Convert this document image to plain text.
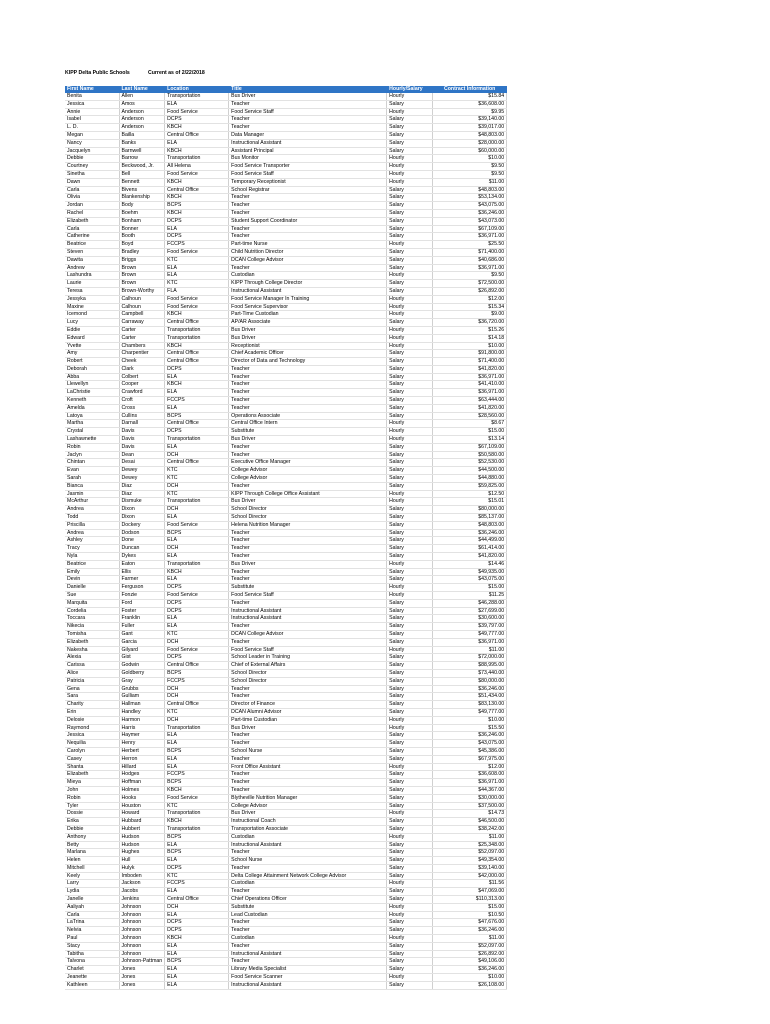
KIPP Delta Public Schools	Current as of 2/22/2018
First Name	Last Name	Location	Title	Hourly/Salary	Contract Information
Benita	Allen	Transportation	Bus Driver	Hourly	$15.84
Jessica	Amos	ELA	Teacher	Salary	$36,608.00
Annie	Anderson	Food Service	Food Service Staff	Hourly	$9.95
Isabel	Anderson	DCPS	Teacher	Salary	$39,140.00
L. D.	Anderson	KBCH	Teacher	Salary	$39,017.00
Megan	Bailla	Central Office	Data Manager	Salary	$48,803.00
Nancy	Banks	ELA	Instructional Assistant	Salary	$28,000.00
Jacquelyn	Barnwell	KBCH	Assistant Principal	Salary	$60,000.00
Debbie	Barrow	Transportation	Bus Monitor	Hourly	$10.00
Courtney	Beckwood, Jr.	All Helena	Food Service Transporter	Hourly	$9.50
Sinetha	Bell	Food Service	Food Service Staff	Hourly	$9.50
Dawn	Bennett	KBCH	Temporary Receptionist	Hourly	$11.00
Carla	Bivens	Central Office	School Registrar	Salary	$48,803.00
Olivia	Blankenship	KBCH	Teacher	Salary	$53,134.00
Jordan	Body	BCPS	Teacher	Salary	$43,075.00
Rachel	Boehm	KBCH	Teacher	Salary	$36,246.00
Elizabeth	Bonham	DCPS	Student Support Coordinator	Salary	$43,073.00
Carla	Bonner	ELA	Teacher	Salary	$67,109.00
Catherine	Booth	DCPS	Teacher	Salary	$36,971.00
Beatrice	Boyd	FCCPS	Part-time Nurse	Hourly	$25.50
Steven	Bradley	Food Service	Child Nutrition Director	Salary	$71,400.00
Dawita	Briggs	KTC	DCAN College Advisor	Salary	$40,686.00
Andrew	Brown	ELA	Teacher	Salary	$36,971.00
Lashundra	Brown	ELA	Custodian	Hourly	$9.50
Laurie	Brown	KTC	KIPP Through College Director	Salary	$72,500.00
Teresa	Brown-Worthy	FLA	Instructional Assistant	Salary	$26,892.00
Jessyka	Calhoun	Food Service	Food Service Manager In Training	Hourly	$12.00
Maxine	Calhoun	Food Service	Food Service Supervisor	Hourly	$15.34
Icemond	Campbell	KBCH	Part-Time Custodian	Hourly	$9.00
Lucy	Carraway	Central Office	AP/AR Associate	Salary	$36,720.00
Eddie	Carter	Transportation	Bus Driver	Hourly	$15.26
Edward	Carter	Transportation	Bus Driver	Hourly	$14.18
Yvette	Chambers	KBCH	Receptionist	Hourly	$10.00
Amy	Charpentier	Central Office	Chief Academic Officer	Salary	$91,800.00
Robert	Cheek	Central Office	Director of Data and Technology	Salary	$71,400.00
Deborah	Clark	DCPS	Teacher	Salary	$41,820.00
Abba	Colbert	ELA	Teacher	Salary	$36,971.00
Llewellyn	Cooper	KBCH	Teacher	Salary	$41,410.00
LaChristie	Crawford	ELA	Teacher	Salary	$36,971.00
Kenneth	Croft	FCCPS	Teacher	Salary	$63,444.00
Amelda	Cross	ELA	Teacher	Salary	$41,820.00
Latoya	Cullins	BCPS	Operations Associate	Salary	$28,560.00
Martha	Darnall	Central Office	Central Office Intern	Hourly	$8.67
Crystal	Davis	DCPS	Substitute	Hourly	$15.00
Lashawnette	Davis	Transportation	Bus Driver	Hourly	$13.14
Robin	Davis	ELA	Teacher	Salary	$67,109.00
Jaclyn	Dean	DCH	Teacher	Salary	$50,580.00
Chintan	Desai	Central Office	Executive Office Manager	Salary	$52,530.00
Evan	Dewey	KTC	College Advisor	Salary	$44,500.00
Sarah	Dewey	KTC	College Advisor	Salary	$44,880.00
Bianca	Diaz	DCH	Teacher	Salary	$59,825.00
Jasmin	Diaz	KTC	KIPP Through College Office Assistant	Hourly	$12.50
McArthur	Dismuke	Transportation	Bus Driver	Hourly	$15.01
Andrea	Dixon	DCH	School Director	Salary	$80,000.00
Todd	Dixon	ELA	School Director	Salary	$85,137.00
Priscilla	Dockery	Food Service	Helena Nutrition Manager	Salary	$48,803.00
Andrea	Dodson	BCPS	Teacher	Salary	$36,246.00
Ashley	Done	ELA	Teacher	Salary	$44,499.00
Tracy	Duncan	DCH	Teacher	Salary	$61,414.00
Nyla	Dykes	ELA	Teacher	Salary	$41,820.00
Beatrice	Eaton	Transportation	Bus Driver	Hourly	$14.46
Emily	Ellis	KBCH	Teacher	Salary	$49,935.00
Devin	Farmer	ELA	Teacher	Salary	$43,075.00
Danielle	Ferguson	DCPS	Substitute	Hourly	$15.00
Sue	Fonzie	Food Service	Food Service Staff	Hourly	$11.25
Marquita	Ford	DCPS	Teacher	Salary	$46,288.00
Cordelia	Foster	DCPS	Instructional Assistant	Salary	$27,699.00
Toccara	Franklin	ELA	Instructional Assistant	Salary	$30,600.00
Nikecia	Fuller	ELA	Teacher	Salary	$39,797.00
Tomisha	Gant	KTC	DCAN College Advisor	Salary	$49,777.00
Elizabeth	Garcia	DCH	Teacher	Salary	$36,971.00
Nakesha	Gilyard	Food Service	Food Service Staff	Hourly	$11.00
Alexia	Gist	DCPS	School Leader in Training	Salary	$72,000.00
Carissa	Godwin	Central Office	Chief of External Affairs	Salary	$88,995.00
Alice	Goldberry	BCPS	School Director	Salary	$73,440.00
Patricia	Gray	FCCPS	School Director	Salary	$80,000.00
Gena	Grubbs	DCH	Teacher	Salary	$36,246.00
Sara	Gulliam	DCH	Teacher	Salary	$51,434.00
Charity	Hallman	Central Office	Director of Finance	Salary	$83,130.00
Erin	Handley	KTC	DCAN Alumni Advisor	Salary	$49,777.00
Delosie	Harmon	DCH	Part-time Custodian	Hourly	$10.00
Raymond	Harris	Transportation	Bus Driver	Hourly	$15.50
Jessica	Haymer	ELA	Teacher	Salary	$36,246.00
Nequilia	Henry	ELA	Teacher	Salary	$43,075.00
Carolyn	Herbert	BCPS	School Nurse	Salary	$45,386.00
Casey	Herron	ELA	Teacher	Salary	$67,975.00
Shanta	Hillard	ELA	Front Office Assistant	Hourly	$12.00
Elizabeth	Hodges	FCCPS	Teacher	Salary	$36,608.00
Mieya	Hoffman	BCPS	Teacher	Salary	$36,971.00
John	Holmes	KBCH	Teacher	Salary	$44,367.00
Robin	Hooks	Food Service	Blytheville Nutrition Manager	Salary	$30,000.00
Tyler	Houston	KTC	College Advisor	Salary	$37,500.00
Dossie	Howard	Transportation	Bus Driver	Hourly	$14.73
Erika	Hubbard	KBCH	Instructional Coach	Salary	$46,500.00
Debbie	Hubbert	Transportation	Transportation Associate	Salary	$38,242.00
Anthony	Hudson	BCPS	Custodian	Hourly	$11.00
Betty	Hudson	ELA	Instructional Assistant	Salary	$25,348.00
Marlana	Hughes	BCPS	Teacher	Salary	$52,097.00
Helen	Hull	ELA	School Nurse	Salary	$49,354.00
Mitchell	Hulyk	DCPS	Teacher	Salary	$39,140.00
Keely	Imboden	KTC	Delta College Attainment Network College Advisor	Salary	$42,000.00
Larry	Jackson	FCCPS	Custodian	Hourly	$11.56
Lydia	Jacobs	ELA	Teacher	Salary	$47,069.00
Janelle	Jenkins	Central Office	Chief Operations Officer	Salary	$110,313.00
Aaliyah	Johnson	DCH	Substitute	Hourly	$15.00
Carla	Johnson	ELA	Lead Custodian	Hourly	$10.50
LaTrina	Johnson	DCPS	Teacher	Salary	$47,676.00
Nelvia	Johnson	DCPS	Teacher	Salary	$36,246.00
Paul	Johnson	KBCH	Custodian	Hourly	$11.00
Stacy	Johnson	ELA	Teacher	Salary	$52,097.00
Tabitha	Johnson	ELA	Instructional Assistant	Salary	$26,892.00
Talvona	Johnson-Pattman	BCPS	Teacher	Salary	$49,106.00
Charlet	Jones	ELA	Library Media Specialist	Salary	$36,246.00
Jeanette	Jones	ELA	Food Service Scanner	Hourly	$10.00
Kathleen	Jones	ELA	Instructional Assistant	Salary	$26,108.00
